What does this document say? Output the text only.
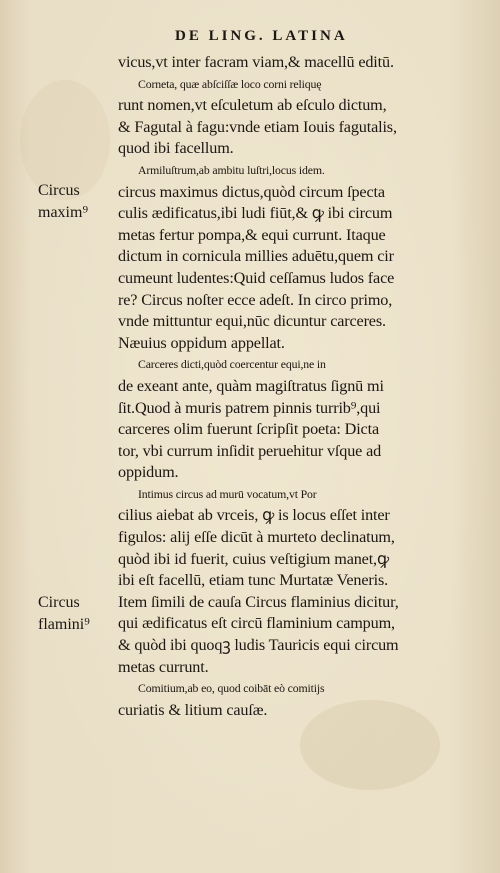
DE LING. LATINA
Circus
maxim⁹
Circus
flamini⁹
vicus,vt inter facram viam,& macellū editū.
Corneta, quæ abſciſſæ loco corni reliquę
runt nomen,vt eſculetum ab eſculo dictum,
& Fagutal à fagu:vnde etiam Iouis fagutalis,
quod ibi facellum.
Armiluſtrum,ab ambitu luſtri,locus idem.
circus maximus dictus,quòd circum ſpecta
culis ædificatus,ibi ludi fiūt,& ꝙ ibi circum
metas fertur pompa,& equi currunt. Itaque
dictum in cornicula millies aduētu,quem cir
cumeunt ludentes:Quid ceſſamus ludos face
re? Circus noſter ecce adeſt. In circo primo,
vnde mittuntur equi,nūc dicuntur carceres.
Næuius oppidum appellat.
Carceres dicti,quòd coercentur equi,ne in
de exeant ante, quàm magiſtratus ſignū mi
ſit.Quod à muris patrem pinnis turrib⁹,qui
carceres olim fuerunt ſcripſit poeta: Dicta
tor, vbi currum inſidit peruehitur vſque ad
oppidum.
Intimus circus ad murū vocatum,vt Por
cilius aiebat ab vrceis, ꝙ is locus eſſet inter
figulos: alij eſſe dicūt à murteto declinatum,
quòd ibi id fuerit, cuius veſtigium manet,ꝙ
ibi eſt facellū, etiam tunc Murtatæ Veneris.
Item ſimili de cauſa Circus flaminius dicitur,
qui ædificatus eſt circū flaminium campum,
& quòd ibi quoqꝫ ludis Tauricis equi circum
metas currunt.
Comitium,ab eo, quod coibāt eò comitijs
curiatis & litium cauſæ.
